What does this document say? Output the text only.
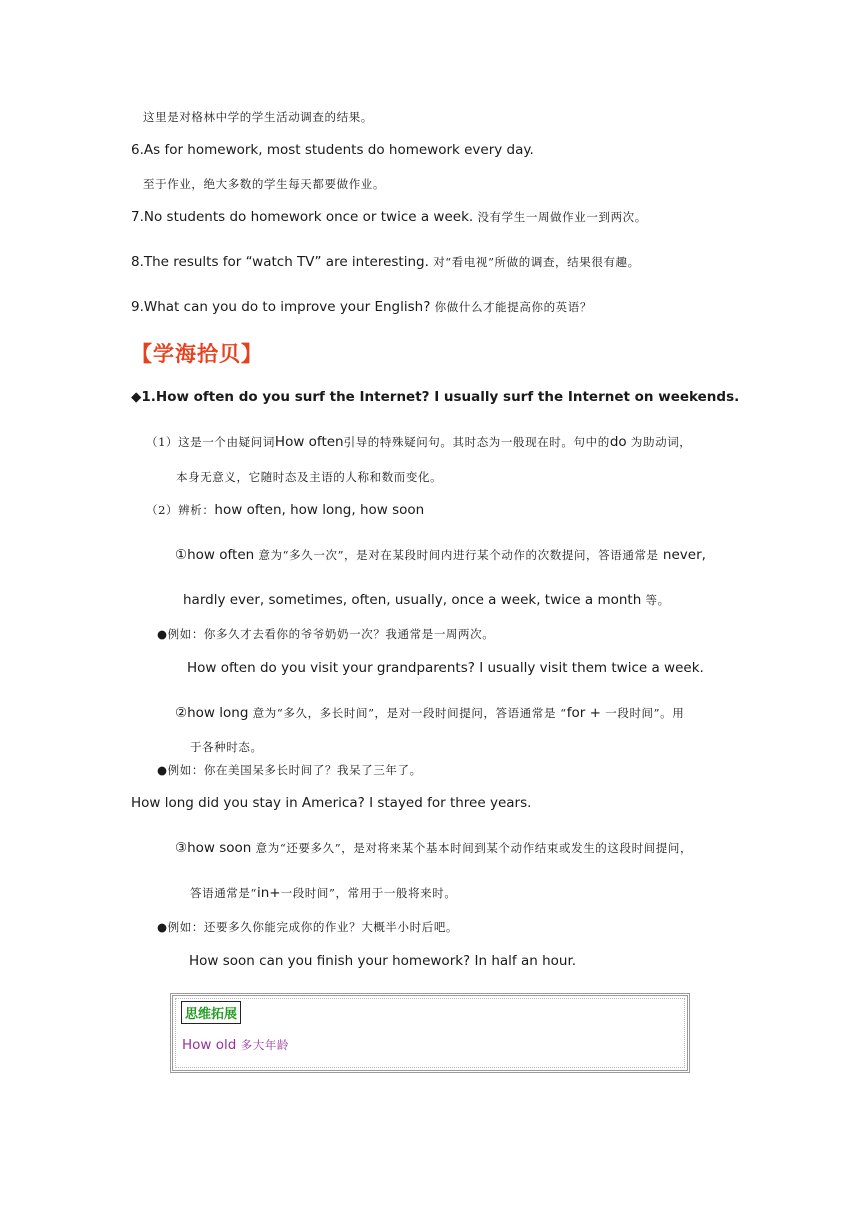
这里是对格林中学的学生活动调查的结果。
6.As for homework, most students do homework every day.
至于作业，绝大多数的学生每天都要做作业。
7.No students do homework once or twice a week. 没有学生一周做作业一到两次。
8.The results for “watch TV” are interesting. 对“看电视”所做的调查，结果很有趣。
9.What can you do to improve your English? 你做什么才能提高你的英语？
【学海拾贝】
◆1.How often do you surf the Internet? I usually surf the Internet on weekends.
（1）这是一个由疑问词How often引导的特殊疑问句。其时态为一般现在时。句中的do 为助动词，
本身无意义，它随时态及主语的人称和数而变化。
（2）辨析：how often, how long, how soon
①how often 意为“多久一次”，是对在某段时间内进行某个动作的次数提问，答语通常是 never,
hardly ever, sometimes, often, usually, once a week, twice a month 等。
●例如：你多久才去看你的爷爷奶奶一次？我通常是一周两次。
How often do you visit your grandparents? I usually visit them twice a week.
②how long 意为“多久，多长时间”，是对一段时间提问，答语通常是 “for + 一段时间”。用
于各种时态。
●例如：你在美国呆多长时间了？我呆了三年了。
How long did you stay in America? I stayed for three years.
③how soon 意为“还要多久”，是对将来某个基本时间到某个动作结束或发生的这段时间提问，
答语通常是“in+一段时间”，常用于一般将来时。
●例如：还要多久你能完成你的作业？大概半小时后吧。
How soon can you finish your homework? In half an hour.
思维拓展
How old 多大年龄
